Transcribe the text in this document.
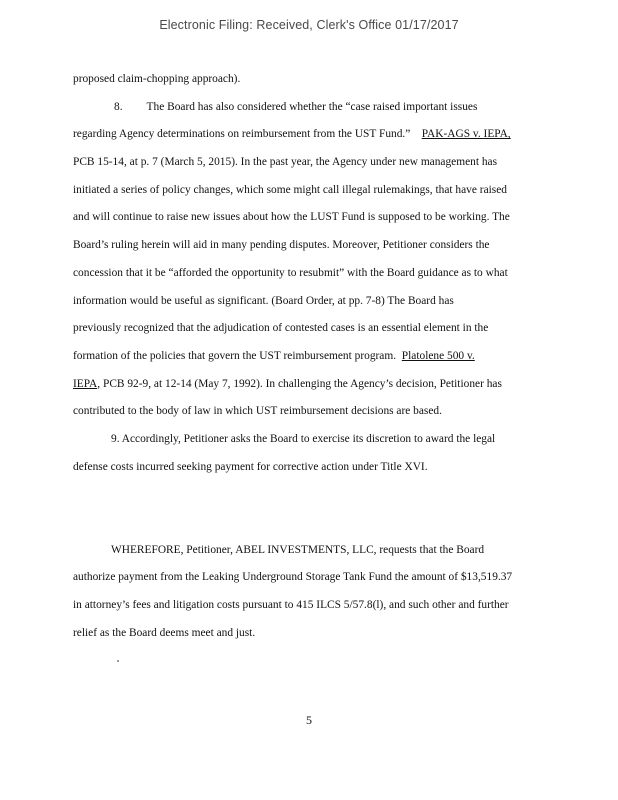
Electronic Filing: Received, Clerk's Office 01/17/2017
proposed claim-chopping approach).
8. The Board has also considered whether the “case raised important issues
regarding Agency determinations on reimbursement from the UST Fund.” PAK-AGS v. IEPA,
PCB 15-14, at p. 7 (March 5, 2015). In the past year, the Agency under new management has
initiated a series of policy changes, which some might call illegal rulemakings, that have raised
and will continue to raise new issues about how the LUST Fund is supposed to be working. The
Board’s ruling herein will aid in many pending disputes. Moreover, Petitioner considers the
concession that it be “afforded the opportunity to resubmit” with the Board guidance as to what
information would be useful as significant. (Board Order, at pp. 7-8) The Board has
previously recognized that the adjudication of contested cases is an essential element in the
formation of the policies that govern the UST reimbursement program. Platolene 500 v.
IEPA, PCB 92-9, at 12-14 (May 7, 1992). In challenging the Agency’s decision, Petitioner has
contributed to the body of law in which UST reimbursement decisions are based.
9. Accordingly, Petitioner asks the Board to exercise its discretion to award the legal
defense costs incurred seeking payment for corrective action under Title XVI.
WHEREFORE, Petitioner, ABEL INVESTMENTS, LLC, requests that the Board
authorize payment from the Leaking Underground Storage Tank Fund the amount of $13,519.37
in attorney’s fees and litigation costs pursuant to 415 ILCS 5/57.8(l), and such other and further
relief as the Board deems meet and just.
5
